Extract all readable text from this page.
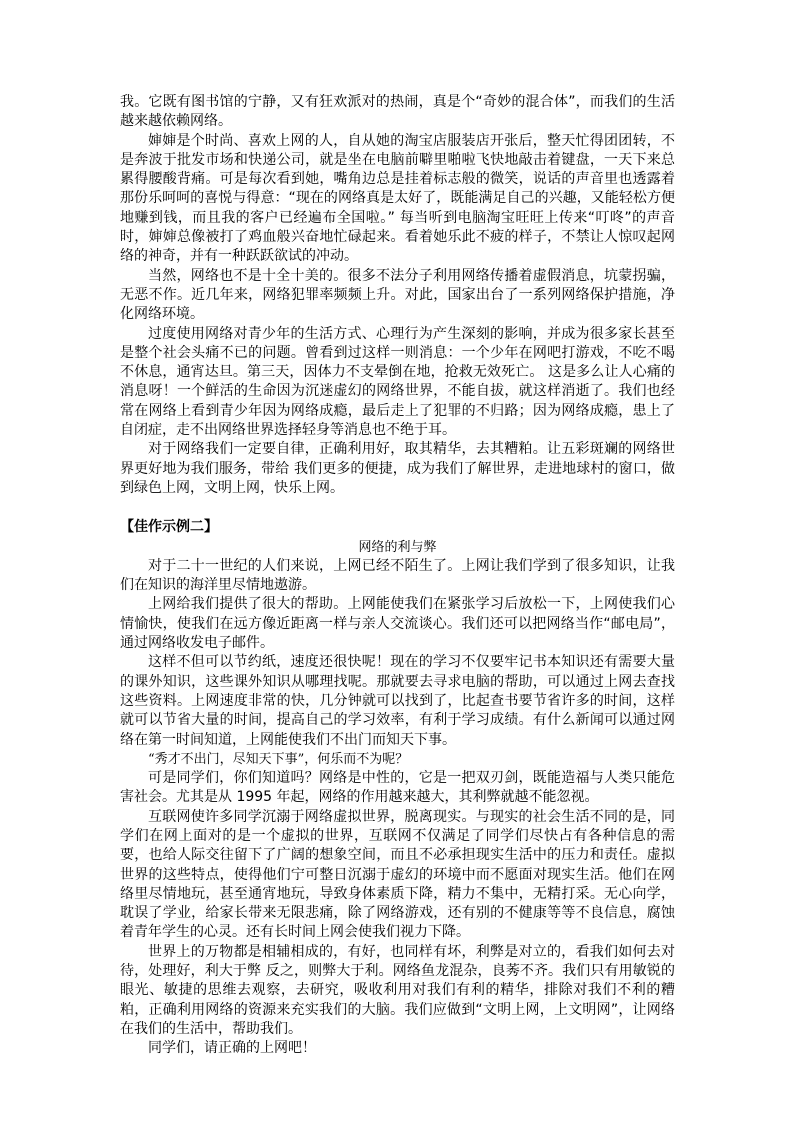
我。它既有图书馆的宁静，又有狂欢派对的热闹，真是个“奇妙的混合体”，而我们的生活越来越依赖网络。

婶婶是个时尚、喜欢上网的人，自从她的淘宝店服装店开张后，整天忙得团团转，不是奔波于批发市场和快递公司，就是坐在电脑前噼里啪啦飞快地敲击着键盘，一天下来总累得腰酸背痛。可是每次看到她，嘴角边总是挂着标志般的微笑，说话的声音里也透露着那份乐呵呵的喜悦与得意：“现在的网络真是太好了，既能满足自己的兴趣，又能轻松方便地赚到钱，而且我的客户已经遍布全国啦。” 每当听到电脑淘宝旺旺上传来“叮咚”的声音时，婶婶总像被打了鸡血般兴奋地忙碌起来。看着她乐此不疲的样子，不禁让人惊叹起网络的神奇，并有一种跃跃欲试的冲动。

当然，网络也不是十全十美的。很多不法分子利用网络传播着虚假消息，坑蒙拐骗，无恶不作。近几年来，网络犯罪率频频上升。对此，国家出台了一系列网络保护措施，净化网络环境。

过度使用网络对青少年的生活方式、心理行为产生深刻的影响，并成为很多家长甚至是整个社会头痛不已的问题。曾看到过这样一则消息：一个少年在网吧打游戏，不吃不喝不休息，通宵达旦。第三天，因体力不支晕倒在地，抢救无效死亡。 这是多么让人心痛的消息呀！一个鲜活的生命因为沉迷虚幻的网络世界，不能自拔，就这样消逝了。我们也经常在网络上看到青少年因为网络成瘾，最后走上了犯罪的不归路；因为网络成瘾，患上了自闭症，走不出网络世界选择轻身等消息也不绝于耳。

对于网络我们一定要自律，正确利用好，取其精华，去其糟粕。让五彩斑斓的网络世界更好地为我们服务，带给 我们更多的便捷，成为我们了解世界，走进地球村的窗口，做到绿色上网，文明上网，快乐上网。

【佳作示例二】

网络的利与弊

对于二十一世纪的人们来说，上网已经不陌生了。上网让我们学到了很多知识，让我们在知识的海洋里尽情地遨游。

上网给我们提供了很大的帮助。上网能使我们在紧张学习后放松一下，上网使我们心情愉快，使我们在远方像近距离一样与亲人交流谈心。我们还可以把网络当作“邮电局”，通过网络收发电子邮件。

这样不但可以节约纸，速度还很快呢！现在的学习不仅要牢记书本知识还有需要大量的课外知识，这些课外知识从哪理找呢。那就要去寻求电脑的帮助，可以通过上网去查找这些资料。上网速度非常的快，几分钟就可以找到了，比起查书要节省许多的时间，这样就可以节省大量的时间，提高自己的学习效率，有利于学习成绩。有什么新闻可以通过网络在第一时间知道，上网能使我们不出门而知天下事。

“秀才不出门，尽知天下事”，何乐而不为呢？

可是同学们，你们知道吗？网络是中性的，它是一把双刃剑，既能造福与人类只能危害社会。尤其是从 1995 年起，网络的作用越来越大，其利弊就越不能忽视。

互联网使许多同学沉溺于网络虚拟世界，脱离现实。与现实的社会生活不同的是，同学们在网上面对的是一个虚拟的世界，互联网不仅满足了同学们尽快占有各种信息的需要，也给人际交往留下了广阔的想象空间，而且不必承担现实生活中的压力和责任。虚拟世界的这些特点，使得他们宁可整日沉溺于虚幻的环境中而不愿面对现实生活。他们在网络里尽情地玩，甚至通宵地玩，导致身体素质下降，精力不集中，无精打采。无心向学，耽误了学业，给家长带来无限悲痛，除了网络游戏，还有别的不健康等等不良信息，腐蚀着青年学生的心灵。还有长时间上网会使我们视力下降。

世界上的万物都是相辅相成的，有好，也同样有坏，利弊是对立的，看我们如何去对待，处理好，利大于弊 反之，则弊大于利。网络鱼龙混杂，良莠不齐。我们只有用敏锐的眼光、敏捷的思维去观察，去研究，吸收利用对我们有利的精华，排除对我们不利的糟粕，正确利用网络的资源来充实我们的大脑。我们应做到“文明上网，上文明网”，让网络在我们的生活中，帮助我们。

同学们，请正确的上网吧！
